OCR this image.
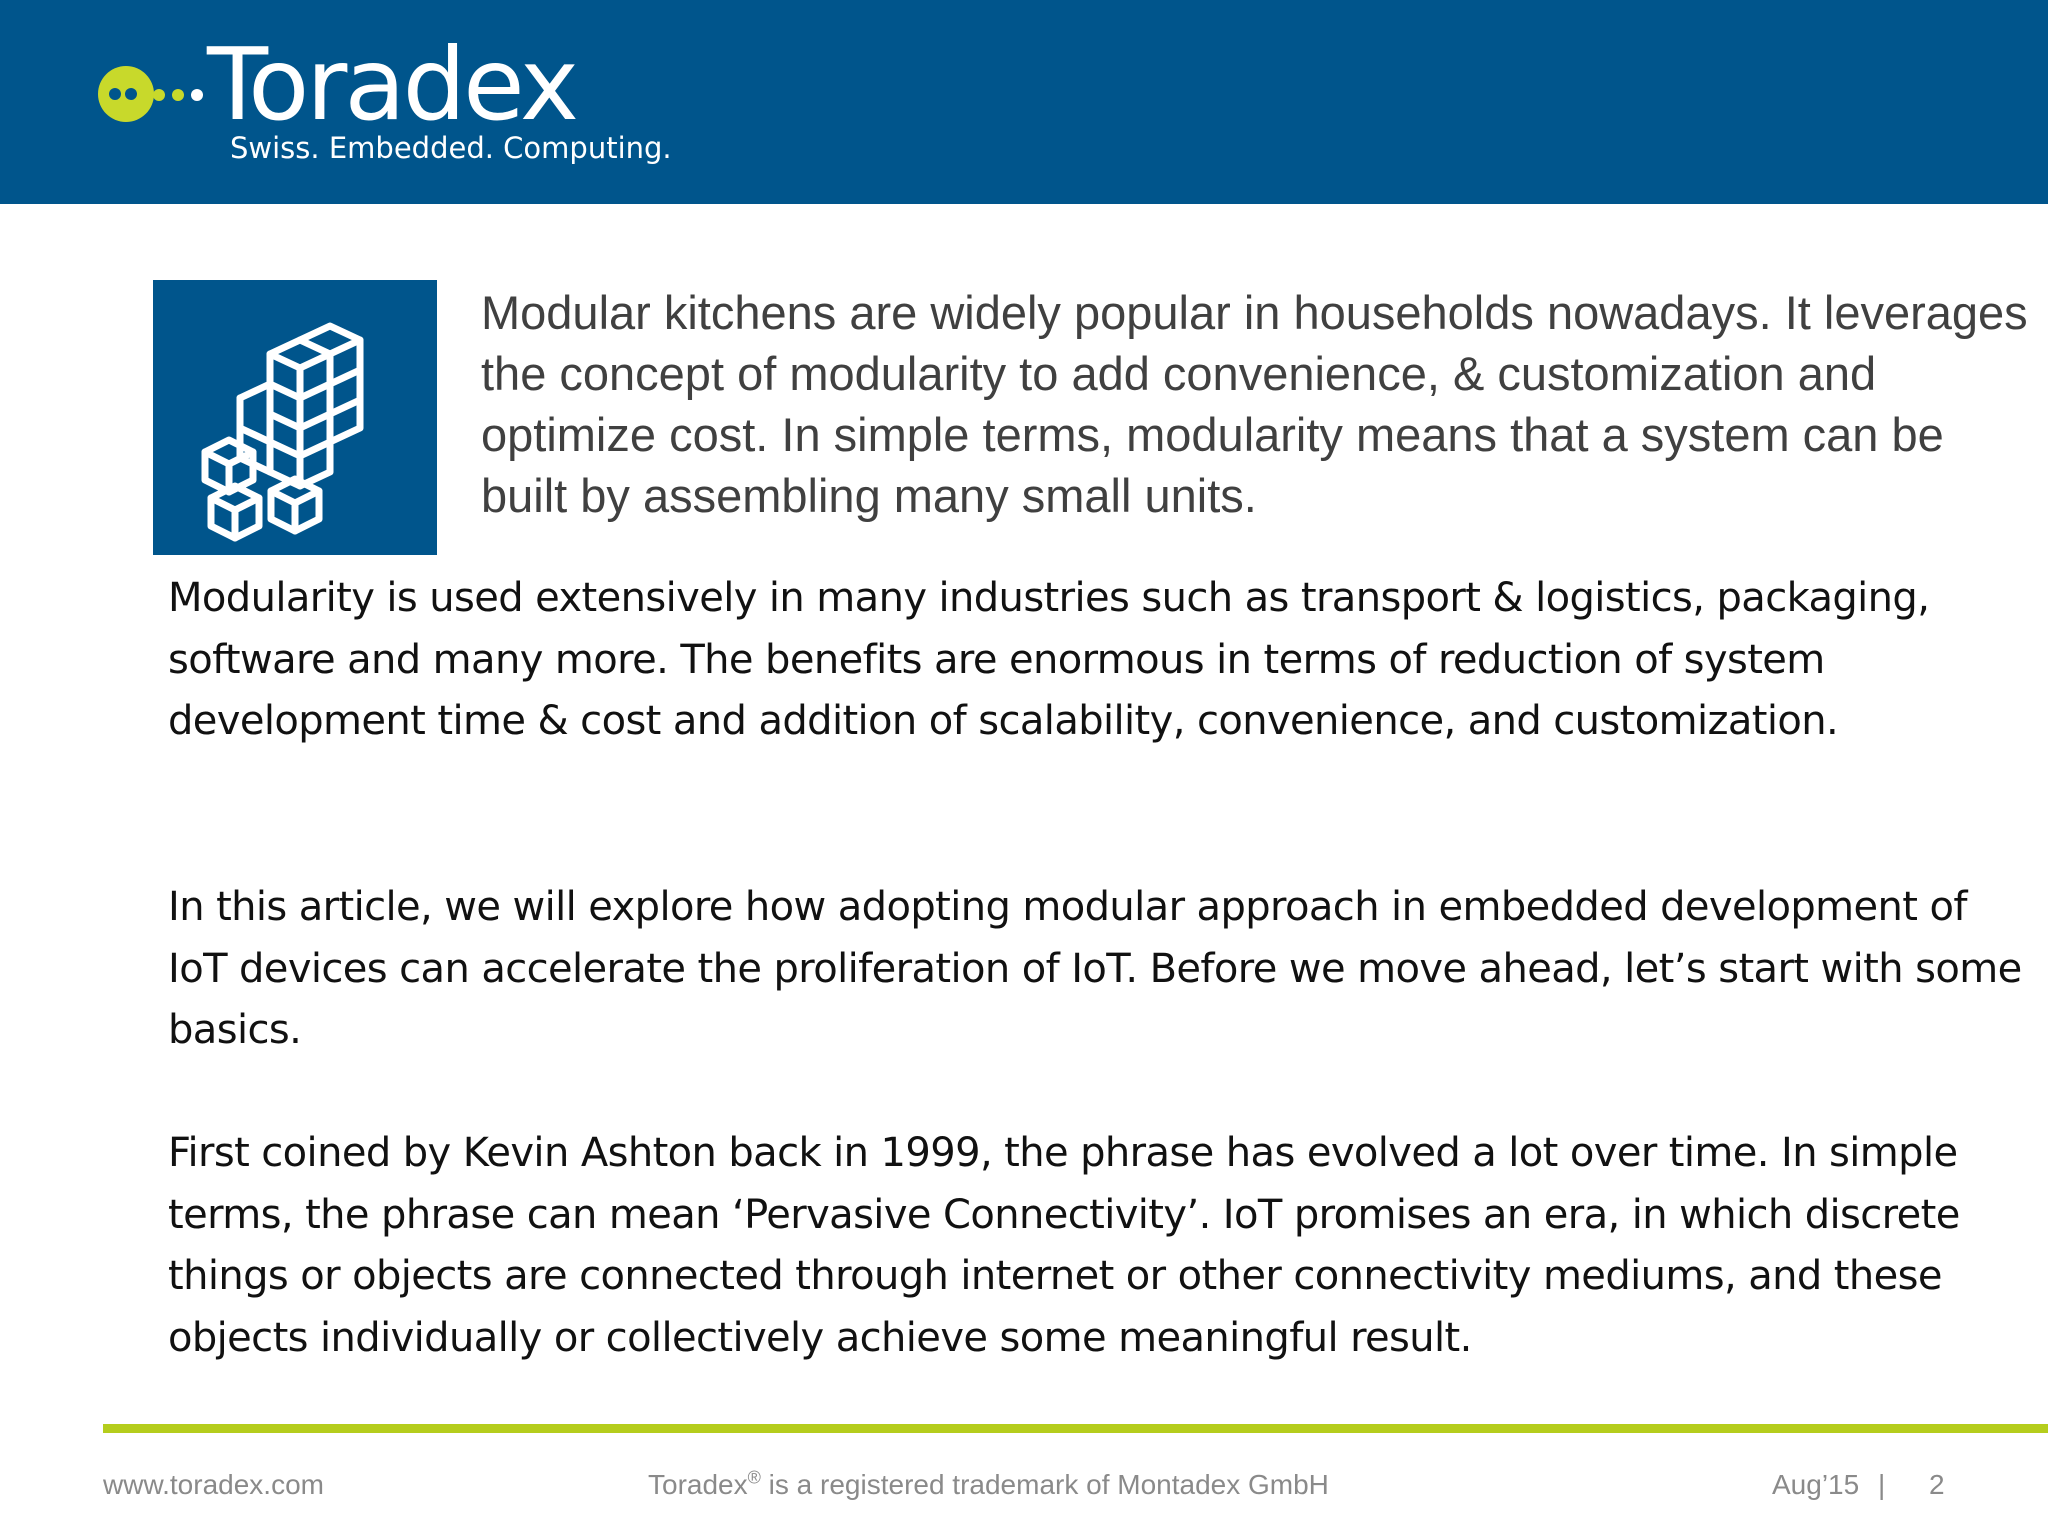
Toradex
Swiss. Embedded. Computing.

Modular kitchens are widely popular in households nowadays. It leverages the concept of modularity to add convenience, & customization and optimize cost. In simple terms, modularity means that a system can be built by assembling many small units.

Modularity is used extensively in many industries such as transport & logistics, packaging, software and many more. The benefits are enormous in terms of reduction of system development time & cost and addition of scalability, convenience, and customization.

In this article, we will explore how adopting modular approach in embedded development of IoT devices can accelerate the proliferation of IoT. Before we move ahead, let’s start with some basics.

First coined by Kevin Ashton back in 1999, the phrase has evolved a lot over time. In simple terms, the phrase can mean ‘Pervasive Connectivity’. IoT promises an era, in which discrete things or objects are connected through internet or other connectivity mediums, and these objects individually or collectively achieve some meaningful result.

www.toradex.com	Toradex® is a registered trademark of Montadex GmbH	Aug’15 | 2
